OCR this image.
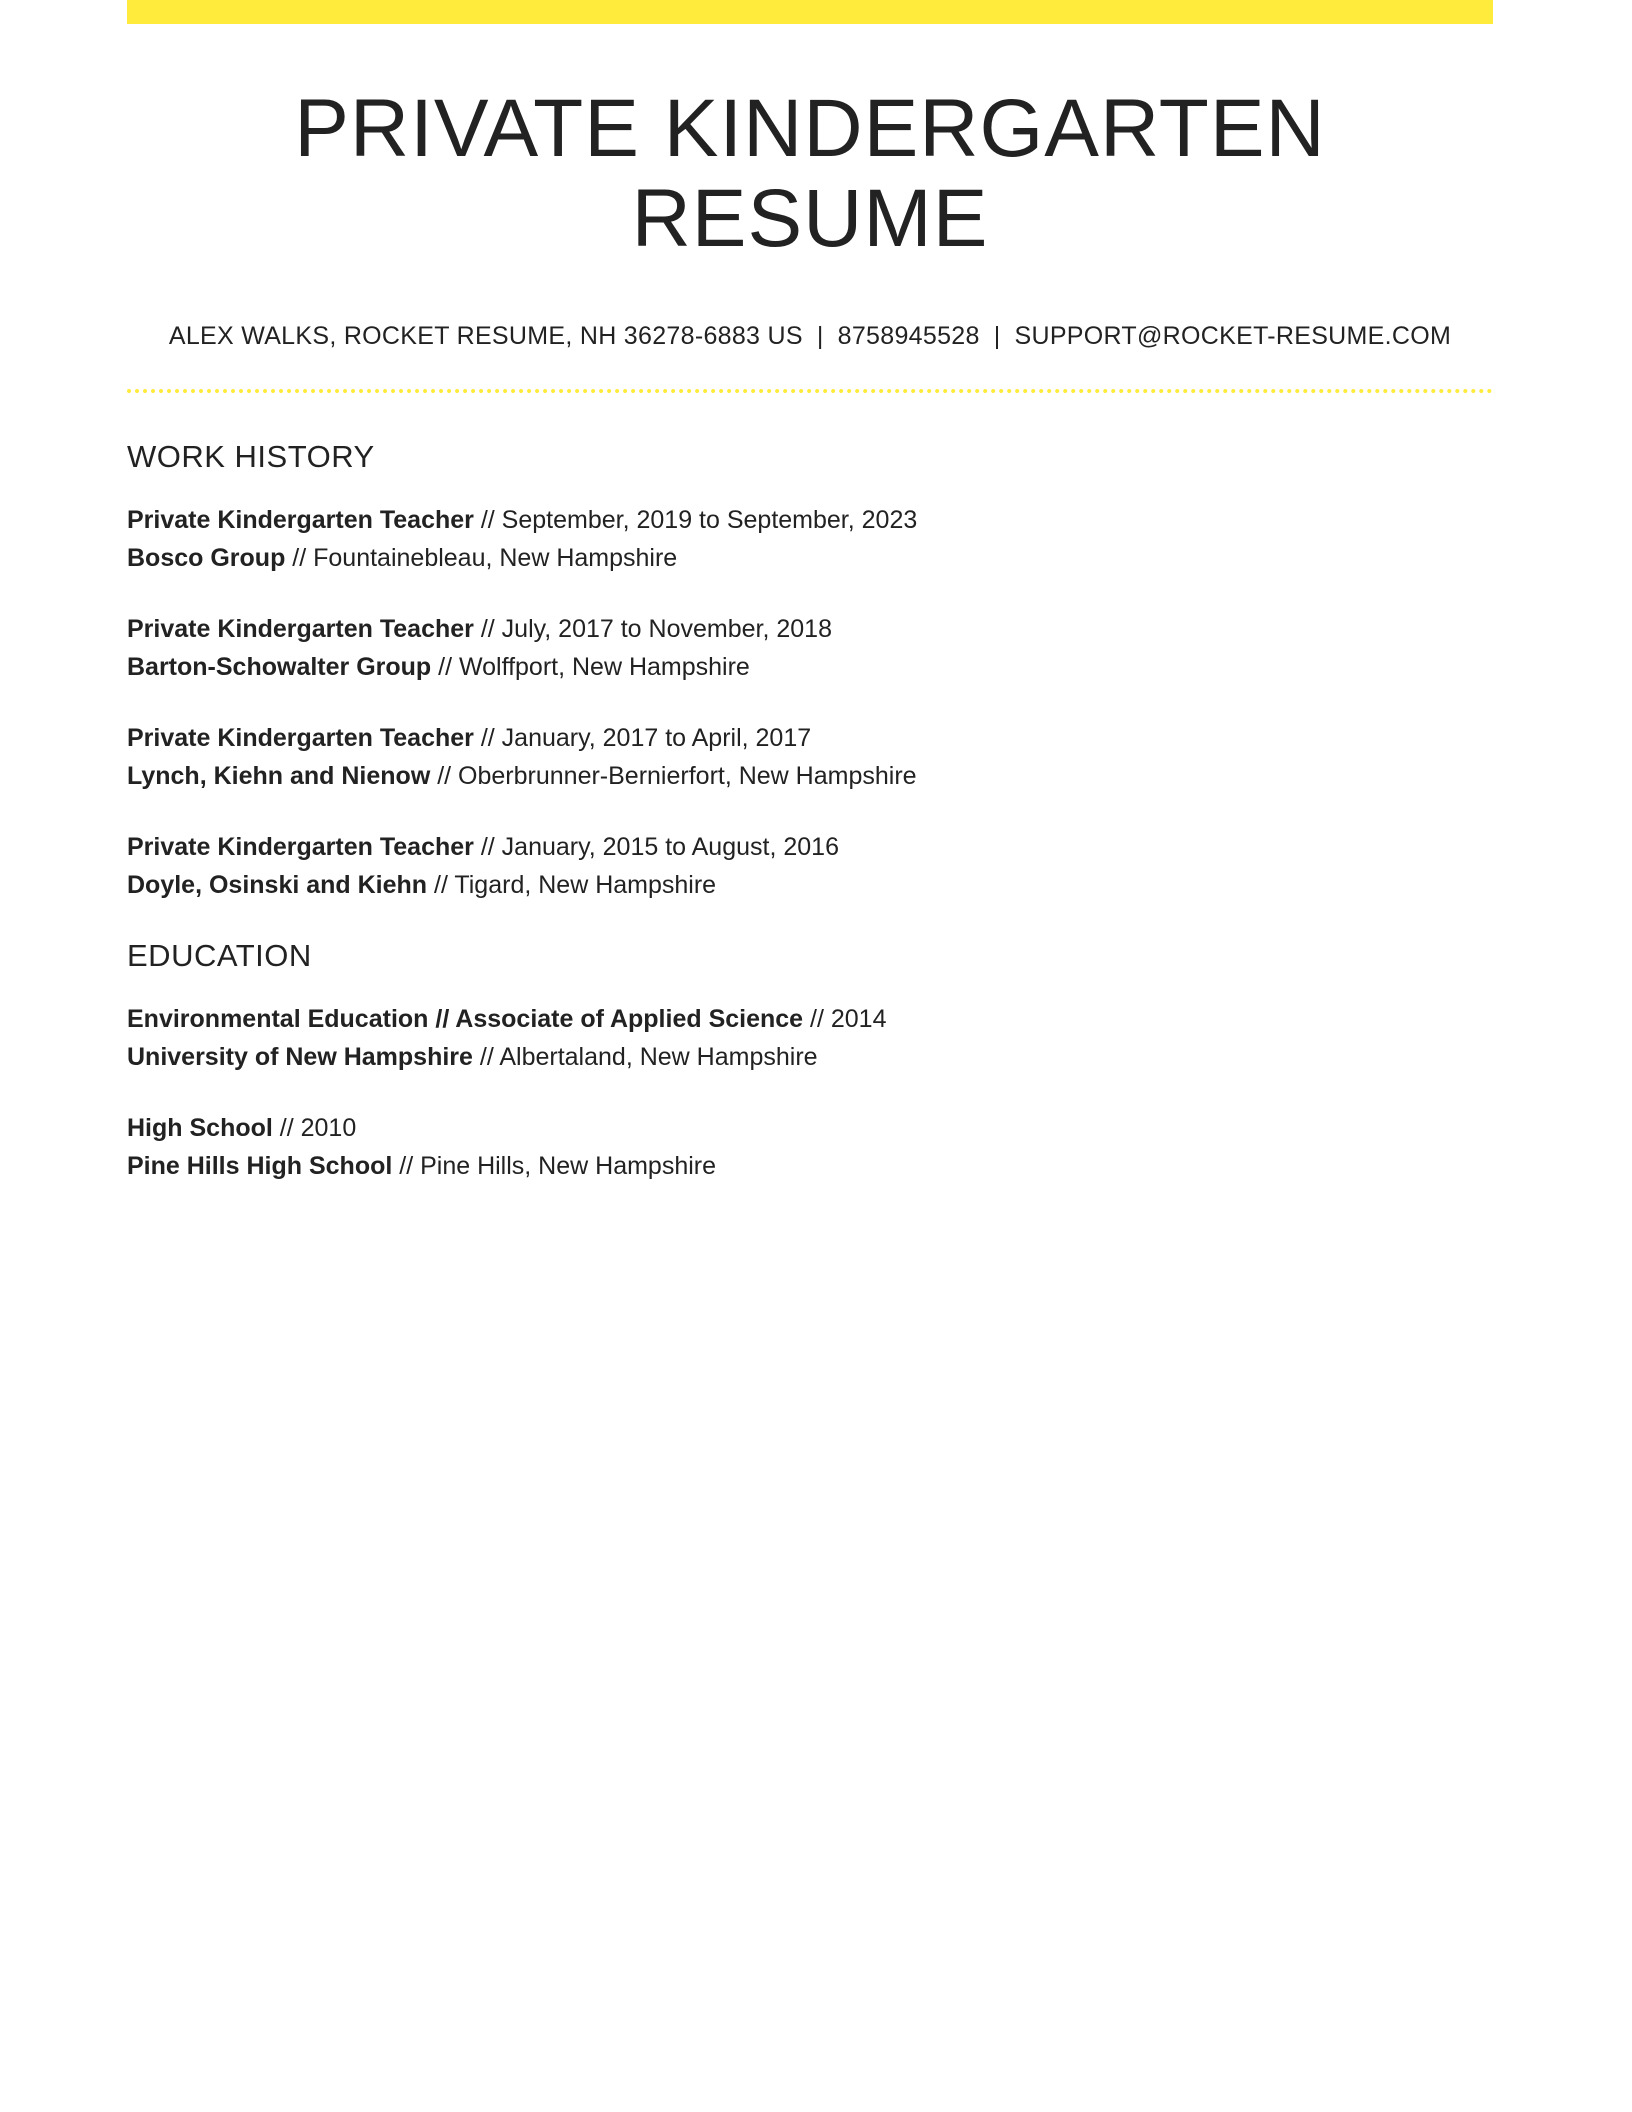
PRIVATE KINDERGARTEN RESUME
ALEX WALKS, ROCKET RESUME, NH 36278-6883 US | 8758945528 | SUPPORT@ROCKET-RESUME.COM
WORK HISTORY
Private Kindergarten Teacher // September, 2019 to September, 2023
Bosco Group // Fountainebleau, New Hampshire
Private Kindergarten Teacher // July, 2017 to November, 2018
Barton-Schowalter Group // Wolffport, New Hampshire
Private Kindergarten Teacher // January, 2017 to April, 2017
Lynch, Kiehn and Nienow // Oberbrunner-Bernierfort, New Hampshire
Private Kindergarten Teacher // January, 2015 to August, 2016
Doyle, Osinski and Kiehn // Tigard, New Hampshire
EDUCATION
Environmental Education // Associate of Applied Science // 2014
University of New Hampshire // Albertaland, New Hampshire
High School // 2010
Pine Hills High School // Pine Hills, New Hampshire
